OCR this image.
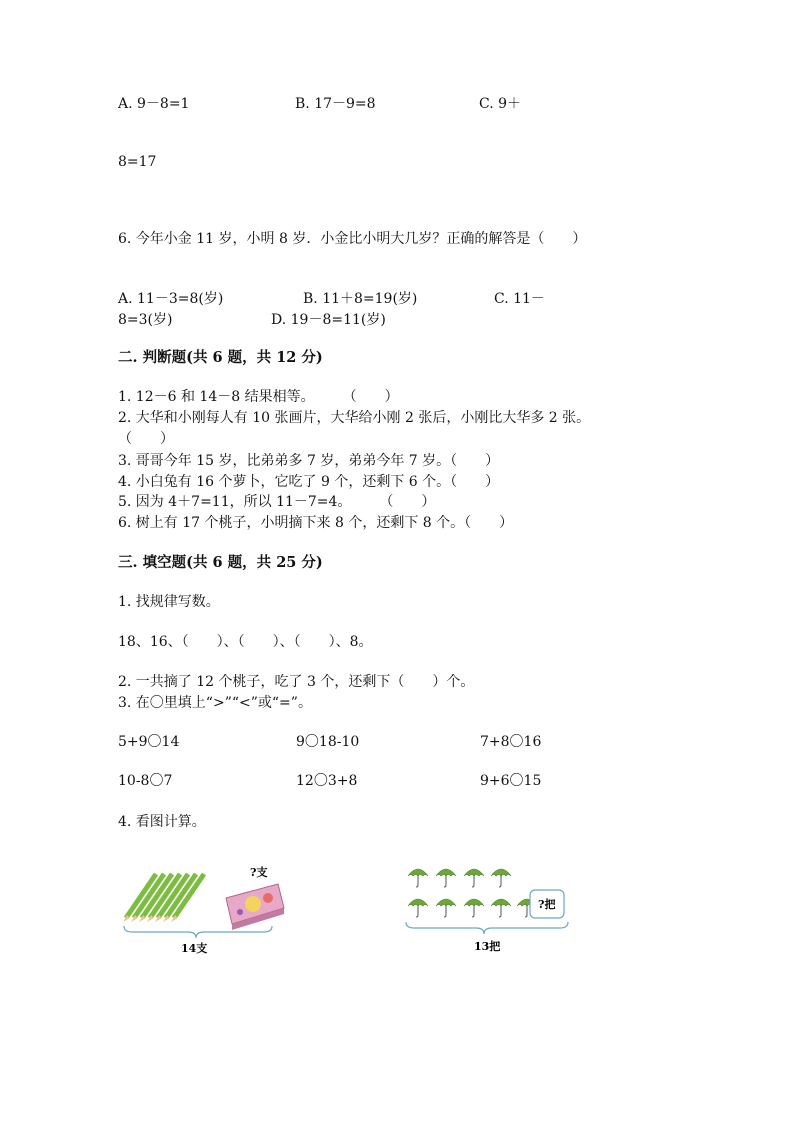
A. 9－8=1	B. 17－9=8	C. 9＋
8=17
6. 今年小金 11 岁，小明 8 岁．小金比小明大几岁？正确的解答是（　　）
A. 11－3=8(岁)	B. 11＋8=19(岁)	C. 11－
8=3(岁)	D. 19－8=11(岁)
二. 判断题(共 6 题，共 12 分)
1. 12－6 和 14－8 结果相等。　　　（　　）
2. 大华和小刚每人有 10 张画片，大华给小刚 2 张后，小刚比大华多 2 张。
（　　）
3. 哥哥今年 15 岁，比弟弟多 7 岁，弟弟今年 7 岁。（　　）
4. 小白兔有 16 个萝卜，它吃了 9 个，还剩下 6 个。（　　）
5. 因为 4＋7=11，所以 11－7=4。　　　（　　）
6. 树上有 17 个桃子，小明摘下来 8 个，还剩下 8 个。（　　）
三. 填空题(共 6 题，共 25 分)
1. 找规律写数。
18、16、（　　）、（　　）、（　　）、8。
2. 一共摘了 12 个桃子，吃了 3 个，还剩下（　　）个。
3. 在〇里填上“>”“<”或“=”。
5+9〇14	9〇18-10	7+8〇16
10-8〇7	12〇3+8	9+6〇15
4. 看图计算。
?支
14支
?把
13把
